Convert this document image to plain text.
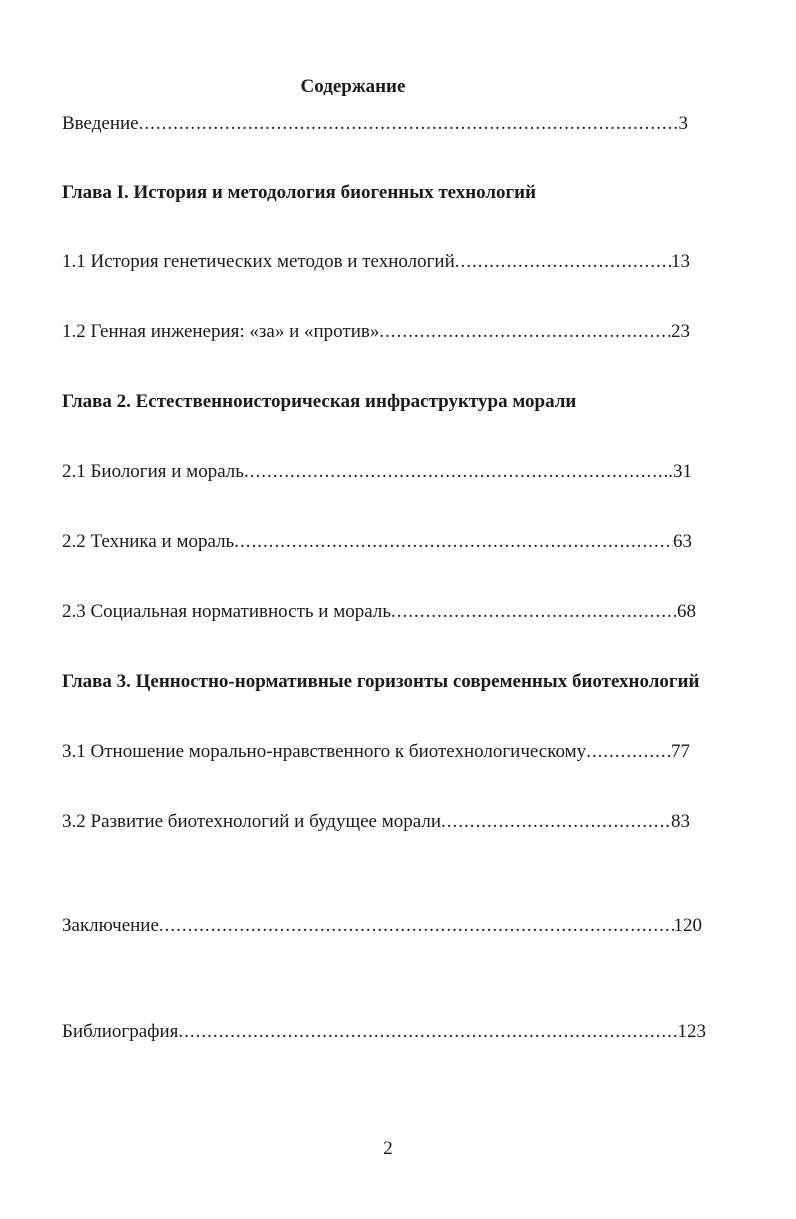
Содержание
Введение .....	3
Глава I. История и методология биогенных технологий
1.1 История генетических методов и технологий .....	13
1.2 Генная инженерия: «за» и «против» .....	23
Глава 2. Естественноисторическая инфраструктура морали
2.1 Биология и мораль .....	..31
2.2 Техника и мораль .....	63
2.3 Социальная нормативность и мораль .....	68
Глава 3. Ценностно-нормативные горизонты современных биотехнологий
3.1 Отношение морально-нравственного к биотехнологическому .....	77
3.2 Развитие биотехнологий и будущее морали .....	83
Заключение .....	120
Библиография .....	123
2
